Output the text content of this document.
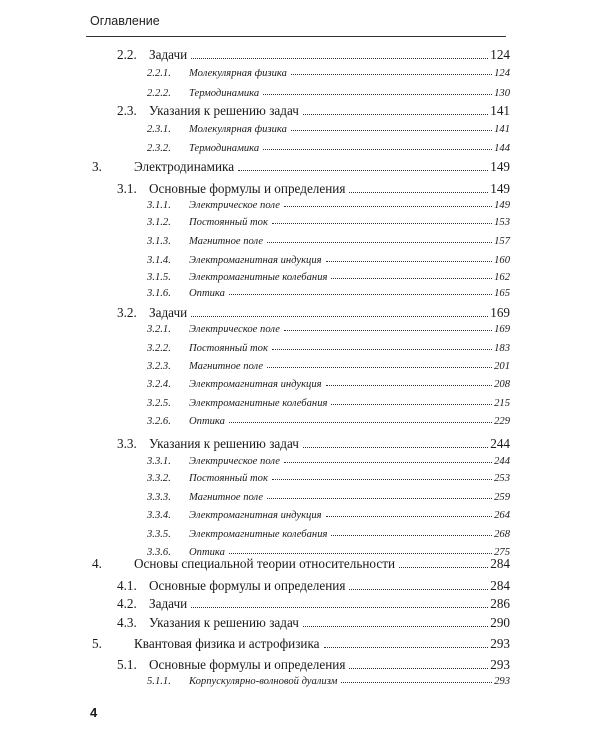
Оглавление
2.2. Задачи	124
2.2.1.	Молекулярная физика	124
2.2.2.	Термодинамика	130
2.3. Указания к решению задач	141
2.3.1.	Молекулярная физика	141
2.3.2.	Термодинамика	144
3.	Электродинамика	149
3.1. Основные формулы и определения	149
3.1.1.	Электрическое поле	149
3.1.2.	Постоянный ток	153
3.1.3.	Магнитное поле	157
3.1.4.	Электромагнитная индукция	160
3.1.5.	Электромагнитные колебания	162
3.1.6.	Оптика	165
3.2. Задачи	169
3.2.1.	Электрическое поле	169
3.2.2.	Постоянный ток	183
3.2.3.	Магнитное поле	201
3.2.4.	Электромагнитная индукция	208
3.2.5.	Электромагнитные колебания	215
3.2.6.	Оптика	229
3.3. Указания к решению задач	244
3.3.1.	Электрическое поле	244
3.3.2.	Постоянный ток	253
3.3.3.	Магнитное поле	259
3.3.4.	Электромагнитная индукция	264
3.3.5.	Электромагнитные колебания	268
3.3.6.	Оптика	275
4.	Основы специальной теории относительности	284
4.1. Основные формулы и определения	284
4.2. Задачи	286
4.3. Указания к решению задач	290
5.	Квантовая физика и астрофизика	293
5.1. Основные формулы и определения	293
5.1.1.	Корпускулярно-волновой дуализм	293
4
